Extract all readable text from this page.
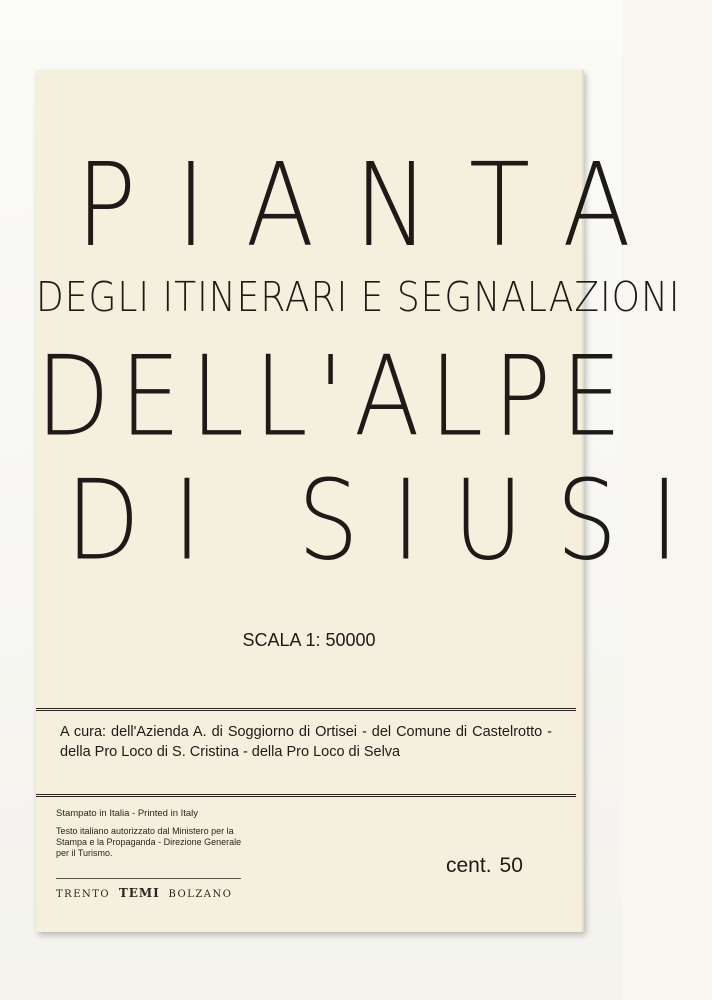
PIANTA
DEGLI ITINERARI E SEGNALAZIONI
DELL'ALPE
DI SIUSI
SCALA 1: 50000
A cura: dell'Azienda A. di Soggiorno di Ortisei - del Comune di Castelrotto - della Pro Loco di S. Cristina - della Pro Loco di Selva
Stampato in Italia - Printed in Italy
Testo italiano autorizzato dal Ministero per la Stampa e la Propaganda - Direzione Generale per il Turismo.
TRENTO TEMI BOLZANO
cent. 50
